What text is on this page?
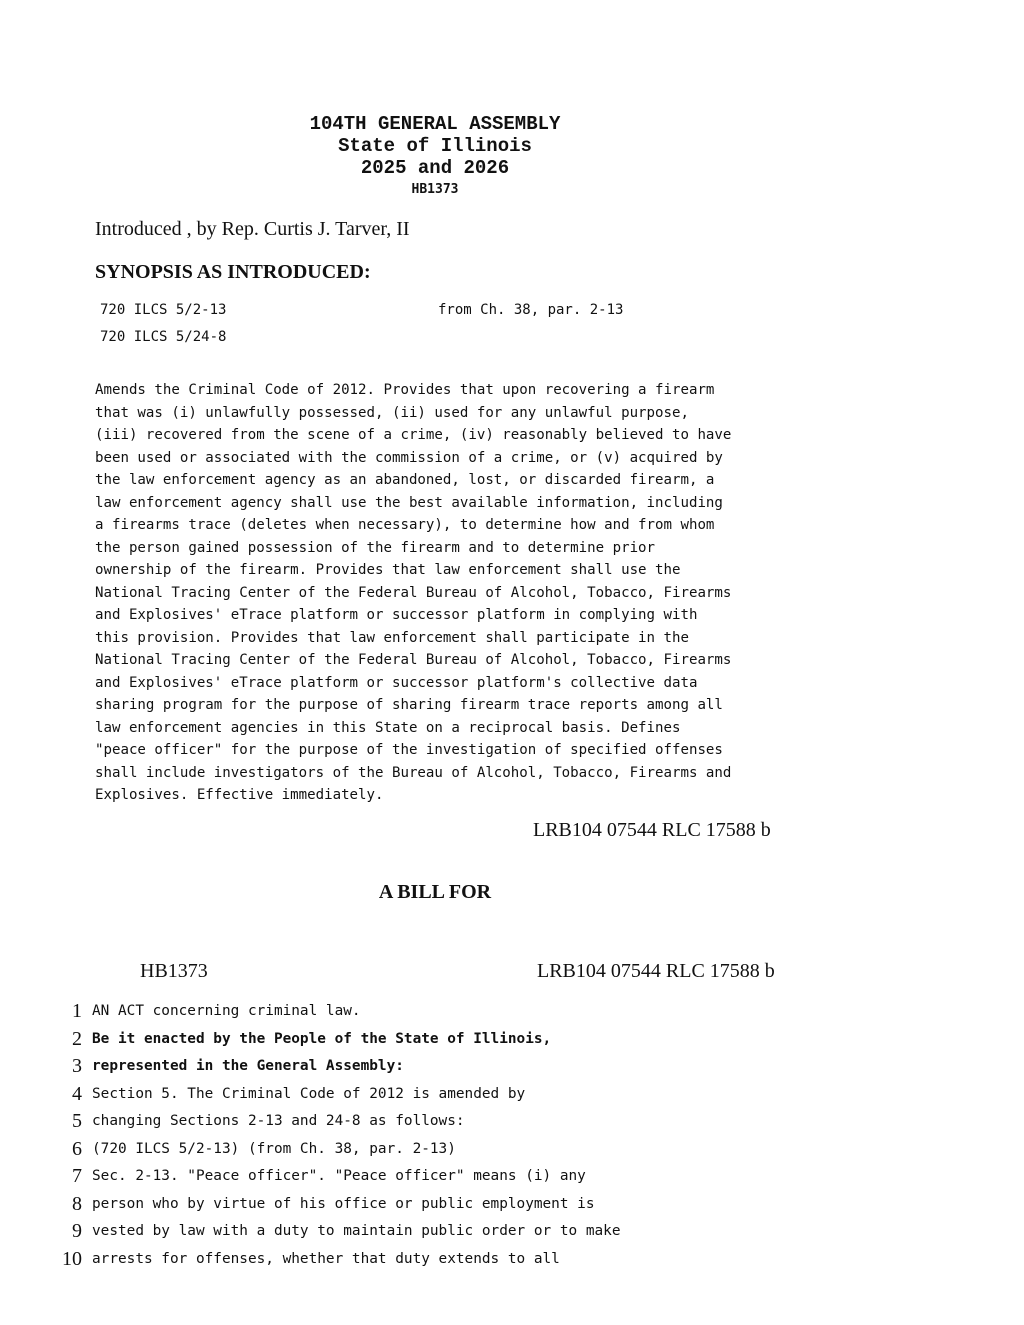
104TH GENERAL ASSEMBLY
State of Illinois
2025 and 2026
HB1373
Introduced , by Rep. Curtis J. Tarver, II
SYNOPSIS AS INTRODUCED:
720 ILCS 5/2-13	from Ch. 38, par. 2-13
720 ILCS 5/24-8
Amends the Criminal Code of 2012. Provides that upon recovering a firearm
that was (i) unlawfully possessed, (ii) used for any unlawful purpose,
(iii) recovered from the scene of a crime, (iv) reasonably believed to have
been used or associated with the commission of a crime, or (v) acquired by
the law enforcement agency as an abandoned, lost, or discarded firearm, a
law enforcement agency shall use the best available information, including
a firearms trace (deletes when necessary), to determine how and from whom
the person gained possession of the firearm and to determine prior
ownership of the firearm. Provides that law enforcement shall use the
National Tracing Center of the Federal Bureau of Alcohol, Tobacco, Firearms
and Explosives' eTrace platform or successor platform in complying with
this provision. Provides that law enforcement shall participate in the
National Tracing Center of the Federal Bureau of Alcohol, Tobacco, Firearms
and Explosives' eTrace platform or successor platform's collective data
sharing program for the purpose of sharing firearm trace reports among all
law enforcement agencies in this State on a reciprocal basis. Defines
"peace officer" for the purpose of the investigation of specified offenses
shall include investigators of the Bureau of Alcohol, Tobacco, Firearms and
Explosives. Effective immediately.
LRB104 07544 RLC 17588 b
A BILL FOR
HB1373	LRB104 07544 RLC 17588 b
1 AN ACT concerning criminal law.
2 Be it enacted by the People of the State of Illinois,
3 represented in the General Assembly:
4 Section 5. The Criminal Code of 2012 is amended by
5 changing Sections 2-13 and 24-8 as follows:
6 (720 ILCS 5/2-13) (from Ch. 38, par. 2-13)
7 Sec. 2-13. "Peace officer". "Peace officer" means (i) any
8 person who by virtue of his office or public employment is
9 vested by law with a duty to maintain public order or to make
10 arrests for offenses, whether that duty extends to all
